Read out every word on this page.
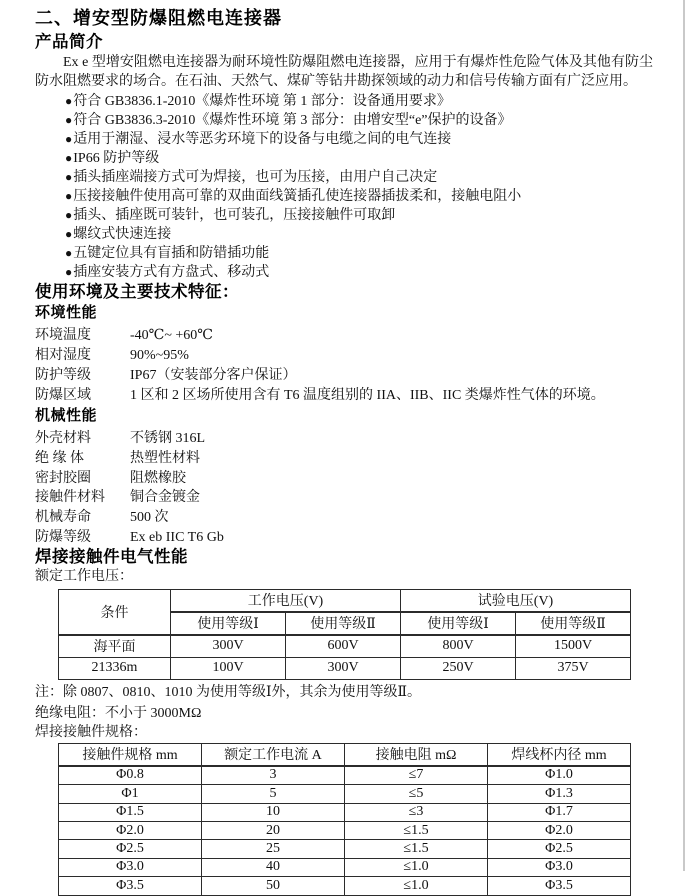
二、增安型防爆阻燃电连接器
产品简介

Ex e 型增安阻燃电连接器为耐环境性防爆阻燃电连接器，应用于有爆炸性危险气体及其他有防尘防水阻燃要求的场合。在石油、天然气、煤矿等钻井勘探领域的动力和信号传输方面有广泛应用。

●符合 GB3836.1-2010《爆炸性环境 第 1 部分：设备通用要求》
●符合 GB3836.3-2010《爆炸性环境 第 3 部分：由增安型“e”保护的设备》
●适用于潮湿、浸水等恶劣环境下的设备与电缆之间的电气连接
●IP66 防护等级
●插头插座端接方式可为焊接，也可为压接，由用户自己决定
●压接接触件使用高可靠的双曲面线簧插孔使连接器插拔柔和，接触电阻小
●插头、插座既可装针，也可装孔，压接接触件可取卸
●螺纹式快速连接
●五键定位具有盲插和防错插功能
●插座安装方式有方盘式、移动式
使用环境及主要技术特征：
环境性能
环境温度	-40℃~ +60℃
相对湿度	90%~95%
防护等级	IP67（安装部分客户保证）
防爆区域	1 区和 2 区场所使用含有 T6 温度组别的 IIA、IIB、IIC 类爆炸性气体的环境。
机械性能
外壳材料	不锈钢 316L
绝 缘 体	热塑性材料
密封胶圈	阻燃橡胶
接触件材料 铜合金镀金
机械寿命	500 次
防爆等级	Ex eb IIC T6 Gb
焊接接触件电气性能
额定工作电压：
条件	工作电压(V)		试验电压(V)	
	使用等级Ⅰ	使用等级Ⅱ	使用等级Ⅰ	使用等级Ⅱ
海平面	300V	600V	800V	1500V
21336m	100V	300V	250V	375V
注：除 0807、0810、1010 为使用等级Ⅰ外，其余为使用等级Ⅱ。
绝缘电阻：不小于 3000MΩ
焊接接触件规格：
接触件规格 mm	额定工作电流 A	接触电阻 mΩ	焊线杯内径 mm
Φ0.8	3	≤7	Φ1.0
Φ1	5	≤5	Φ1.3
Φ1.5	10	≤3	Φ1.7
Φ2.0	20	≤1.5	Φ2.0
Φ2.5	25	≤1.5	Φ2.5
Φ3.0	40	≤1.0	Φ3.0
Φ3.5	50	≤1.0	Φ3.5
